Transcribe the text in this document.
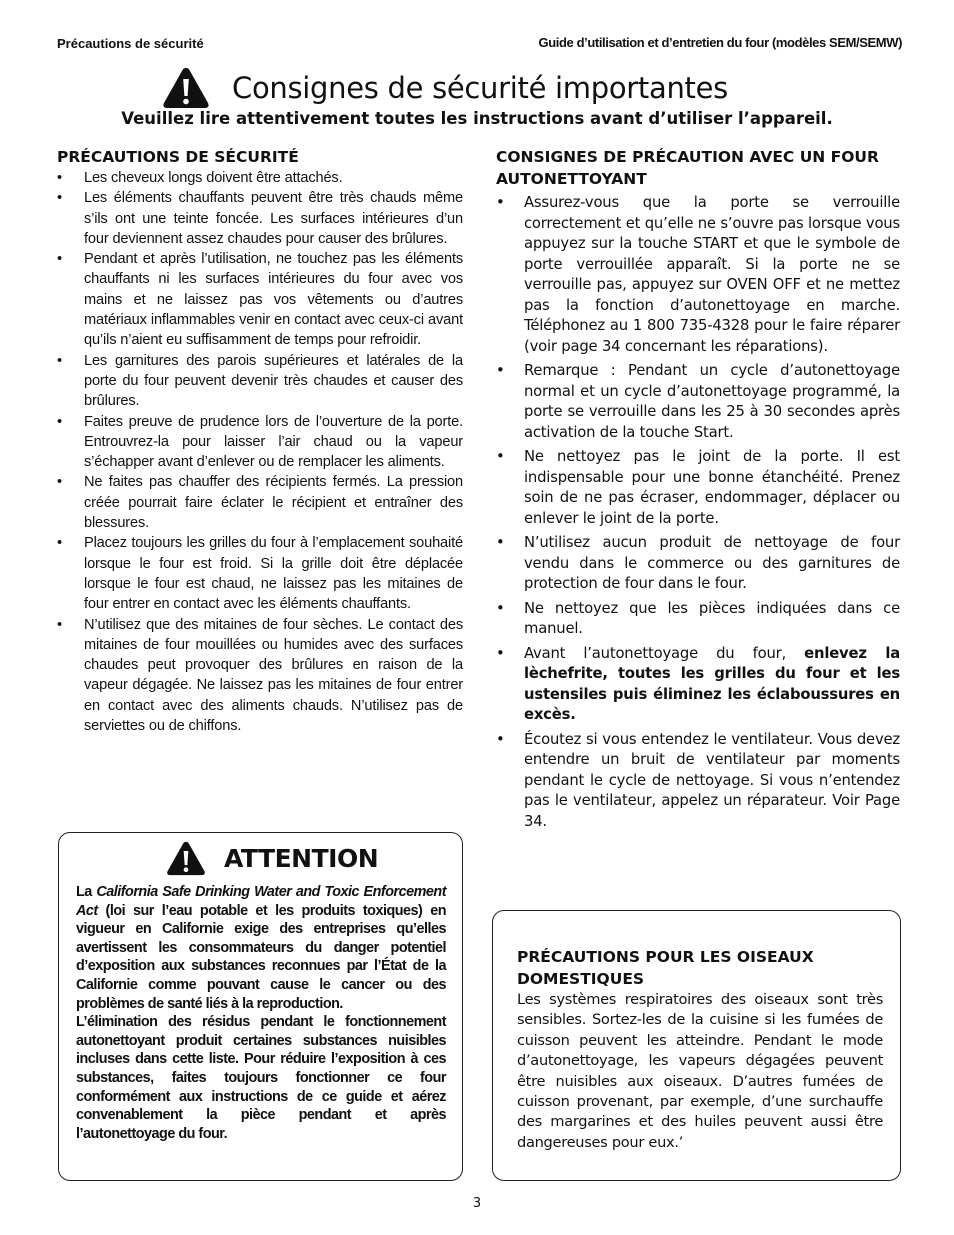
Précautions de sécurité	Guide d’utilisation et d’entretien du four (modèles SEM/SEMW)
Consignes de sécurité importantes
Veuillez lire attentivement toutes les instructions avant d’utiliser l’appareil.
PRÉCAUTIONS DE SÉCURITÉ
• Les cheveux longs doivent être attachés.
• Les éléments chauffants peuvent être très chauds même s’ils ont une teinte foncée. Les surfaces intérieures d’un four deviennent assez chaudes pour causer des brûlures.
• Pendant et après l’utilisation, ne touchez pas les éléments chauffants ni les surfaces intérieures du four avec vos mains et ne laissez pas vos vêtements ou d’autres matériaux inflammables venir en contact avec ceux-ci avant qu’ils n’aient eu suffisamment de temps pour refroidir.
• Les garnitures des parois supérieures et latérales de la porte du four peuvent devenir très chaudes et causer des brûlures.
• Faites preuve de prudence lors de l’ouverture de la porte. Entrouvrez-la pour laisser l’air chaud ou la vapeur s’échapper avant d’enlever ou de remplacer les aliments.
• Ne faites pas chauffer des récipients fermés. La pression créée pourrait faire éclater le récipient et entraîner des blessures.
• Placez toujours les grilles du four à l’emplacement souhaité lorsque le four est froid. Si la grille doit être déplacée lorsque le four est chaud, ne laissez pas les mitaines de four entrer en contact avec les éléments chauffants.
• N’utilisez que des mitaines de four sèches. Le contact des mitaines de four mouillées ou humides avec des surfaces chaudes peut provoquer des brûlures en raison de la vapeur dégagée. Ne laissez pas les mitaines de four entrer en contact avec des aliments chauds. N’utilisez pas de serviettes ou de chiffons.
CONSIGNES DE PRÉCAUTION AVEC UN FOUR AUTONETTOYANT
• Assurez-vous que la porte se verrouille correctement et qu’elle ne s’ouvre pas lorsque vous appuyez sur la touche START et que le symbole de porte verrouillée apparaît. Si la porte ne se verrouille pas, appuyez sur OVEN OFF et ne mettez pas la fonction d’autonettoyage en marche. Téléphonez au 1 800 735-4328 pour le faire réparer (voir page 34 concernant les réparations).
• Remarque : Pendant un cycle d’autonettoyage normal et un cycle d’autonettoyage programmé, la porte se verrouille dans les 25 à 30 secondes après activation de la touche Start.
• Ne nettoyez pas le joint de la porte. Il est indispensable pour une bonne étanchéité. Prenez soin de ne pas écraser, endommager, déplacer ou enlever le joint de la porte.
• N’utilisez aucun produit de nettoyage de four vendu dans le commerce ou des garnitures de protection de four dans le four.
• Ne nettoyez que les pièces indiquées dans ce manuel.
• Avant l’autonettoyage du four, enlevez la lèchefrite, toutes les grilles du four et les ustensiles puis éliminez les éclaboussures en excès.
• Écoutez si vous entendez le ventilateur. Vous devez entendre un bruit de ventilateur par moments pendant le cycle de nettoyage. Si vous n’entendez pas le ventilateur, appelez un réparateur. Voir Page 34.
ATTENTION

La California Safe Drinking Water and Toxic Enforcement Act (loi sur l’eau potable et les produits toxiques) en vigueur en Californie exige des entreprises qu’elles avertissent les consommateurs du danger potentiel d’exposition aux substances reconnues par l’État de la Californie comme pouvant cause le cancer ou des problèmes de santé liés à la reproduction.

L’élimination des résidus pendant le fonctionnement autonettoyant produit certaines substances nuisibles incluses dans cette liste. Pour réduire l’exposition à ces substances, faites toujours fonctionner ce four conformément aux instructions de ce guide et aérez convenablement la pièce pendant et après l’autonettoyage du four.

PRÉCAUTIONS POUR LES OISEAUX DOMESTIQUES

Les systèmes respiratoires des oiseaux sont très sensibles. Sortez-les de la cuisine si les fumées de cuisson peuvent les atteindre. Pendant le mode d’autonettoyage, les vapeurs dégagées peuvent être nuisibles aux oiseaux. D’autres fumées de cuisson provenant, par exemple, d’une surchauffe des margarines et des huiles peuvent aussi être dangereuses pour eux.’

3
